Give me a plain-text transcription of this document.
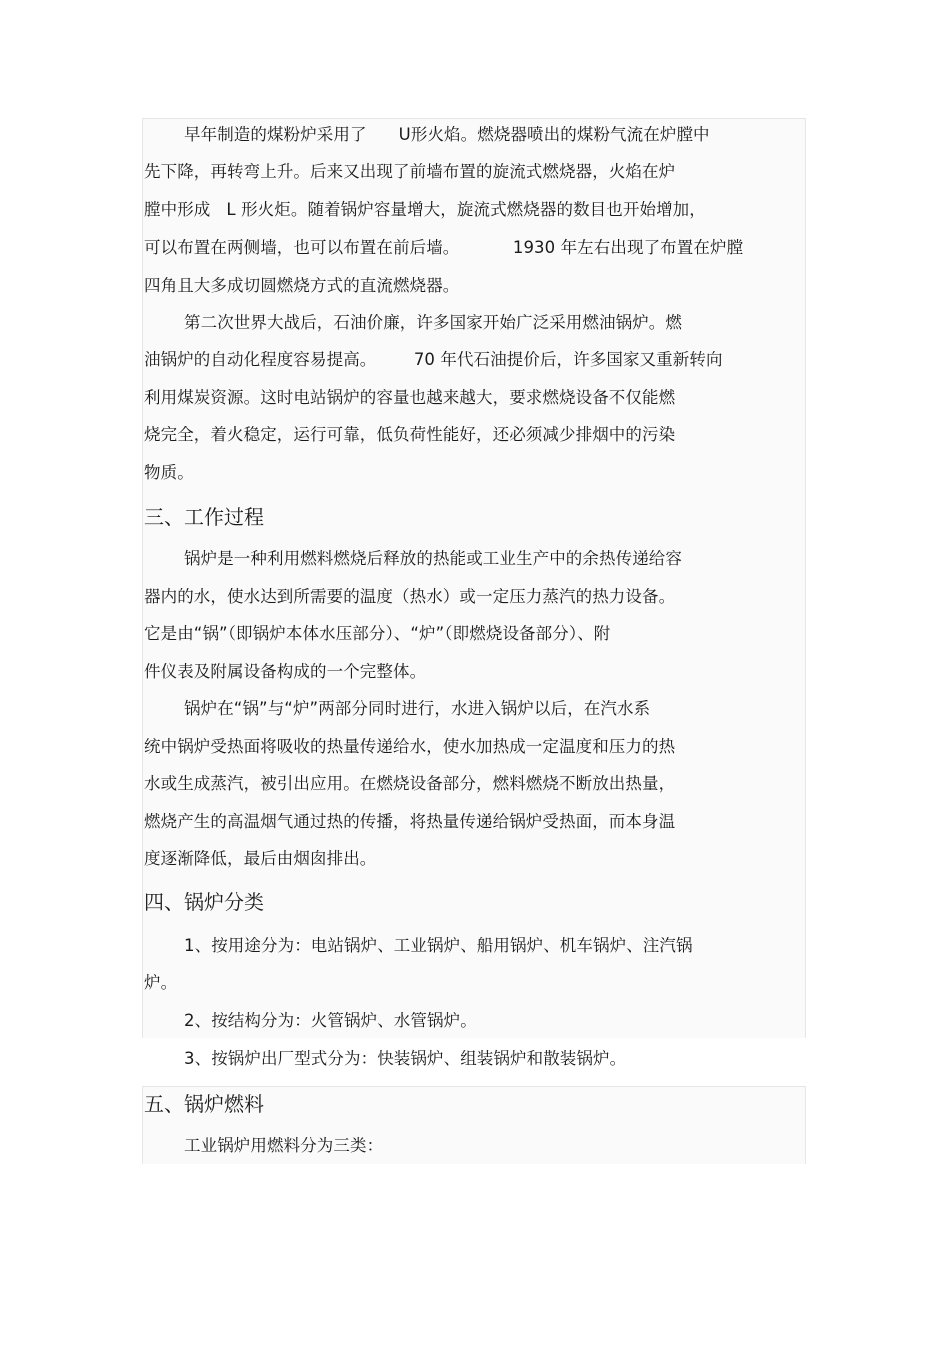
早年制造的煤粉炉采用了      U形火焰。燃烧器喷出的煤粉气流在炉膛中
先下降，再转弯上升。后来又出现了前墙布置的旋流式燃烧器，火焰在炉
膛中形成   L 形火炬。随着锅炉容量增大，旋流式燃烧器的数目也开始增加，
可以布置在两侧墙，也可以布置在前后墙。          1930 年左右出现了布置在炉膛
四角且大多成切圆燃烧方式的直流燃烧器。
第二次世界大战后，石油价廉，许多国家开始广泛采用燃油锅炉。燃
油锅炉的自动化程度容易提高。       70 年代石油提价后，许多国家又重新转向
利用煤炭资源。这时电站锅炉的容量也越来越大，要求燃烧设备不仅能燃
烧完全，着火稳定，运行可靠，低负荷性能好，还必须减少排烟中的污染
物质。
三、工作过程
锅炉是一种利用燃料燃烧后释放的热能或工业生产中的余热传递给容
器内的水，使水达到所需要的温度（热水）或一定压力蒸汽的热力设备。
它是由“锅”（即锅炉本体水压部分）、“炉”（即燃烧设备部分）、附
件仪表及附属设备构成的一个完整体。
锅炉在“锅”与“炉”两部分同时进行，水进入锅炉以后，在汽水系
统中锅炉受热面将吸收的热量传递给水，使水加热成一定温度和压力的热
水或生成蒸汽，被引出应用。在燃烧设备部分，燃料燃烧不断放出热量，
燃烧产生的高温烟气通过热的传播，将热量传递给锅炉受热面，而本身温
度逐渐降低，最后由烟囱排出。
四、锅炉分类
1、按用途分为：电站锅炉、工业锅炉、船用锅炉、机车锅炉、注汽锅
炉。
2、按结构分为：火管锅炉、水管锅炉。
3、按锅炉出厂型式分为：快装锅炉、组装锅炉和散装锅炉。
五、锅炉燃料
工业锅炉用燃料分为三类：
